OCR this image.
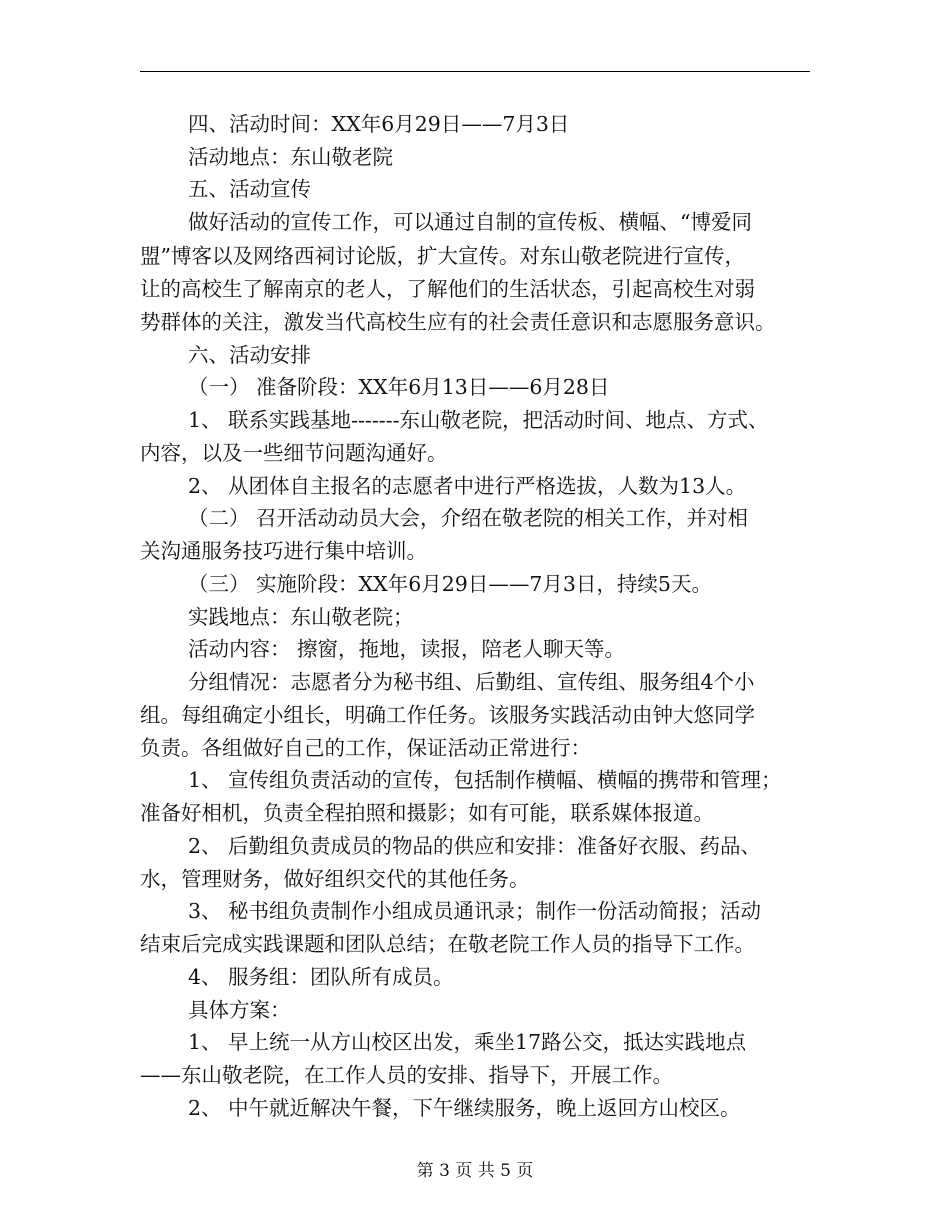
四、活动时间：XX年6月29日——7月3日
活动地点：东山敬老院
五、活动宣传
做好活动的宣传工作，可以通过自制的宣传板、横幅、“博爱同
盟”博客以及网络西祠讨论版，扩大宣传。对东山敬老院进行宣传，
让的高校生了解南京的老人，了解他们的生活状态，引起高校生对弱
势群体的关注，激发当代高校生应有的社会责任意识和志愿服务意识。
六、活动安排
（一） 准备阶段：XX年6月13日——6月28日
1、 联系实践基地-------东山敬老院，把活动时间、地点、方式、
内容，以及一些细节问题沟通好。
2、 从团体自主报名的志愿者中进行严格选拔，人数为13人。
（二） 召开活动动员大会，介绍在敬老院的相关工作，并对相
关沟通服务技巧进行集中培训。
（三） 实施阶段：XX年6月29日——7月3日，持续5天。
实践地点：东山敬老院；
活动内容： 擦窗，拖地，读报，陪老人聊天等。
分组情况：志愿者分为秘书组、后勤组、宣传组、服务组4个小
组。每组确定小组长，明确工作任务。该服务实践活动由钟大悠同学
负责。各组做好自己的工作，保证活动正常进行：
1、 宣传组负责活动的宣传，包括制作横幅、横幅的携带和管理；
准备好相机，负责全程拍照和摄影；如有可能，联系媒体报道。
2、 后勤组负责成员的物品的供应和安排：准备好衣服、药品、
水，管理财务，做好组织交代的其他任务。
3、 秘书组负责制作小组成员通讯录；制作一份活动简报；活动
结束后完成实践课题和团队总结；在敬老院工作人员的指导下工作。
4、 服务组：团队所有成员。
具体方案：
1、 早上统一从方山校区出发，乘坐17路公交，抵达实践地点
——东山敬老院，在工作人员的安排、指导下，开展工作。
2、 中午就近解决午餐，下午继续服务，晚上返回方山校区。
第 3 页 共 5 页
